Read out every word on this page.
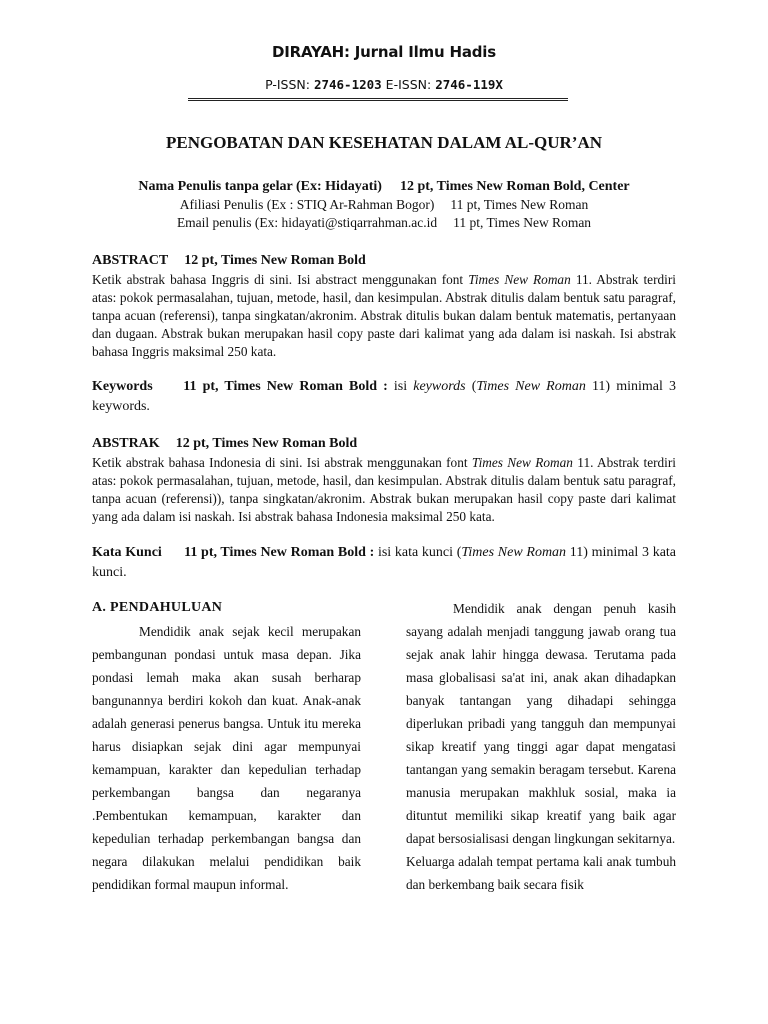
DIRAYAH: Jurnal Ilmu Hadis
P-ISSN: 2746-1203 E-ISSN: 2746-119X
PENGOBATAN DAN KESEHATAN DALAM AL-QUR’AN
Nama Penulis tanpa gelar (Ex: Hidayati) 12 pt, Times New Roman Bold, Center
Afiliasi Penulis (Ex : STIQ Ar-Rahman Bogor) 11 pt, Times New Roman
Email penulis (Ex: hidayati@stiqarrahman.ac.id 11 pt, Times New Roman
ABSTRACT 12 pt, Times New Roman Bold
Ketik abstrak bahasa Inggris di sini. Isi abstract menggunakan font Times New Roman 11. Abstrak terdiri atas: pokok permasalahan, tujuan, metode, hasil, dan kesimpulan. Abstrak ditulis dalam bentuk satu paragraf, tanpa acuan (referensi), tanpa singkatan/akronim. Abstrak ditulis bukan dalam bentuk matematis, pertanyaan dan dugaan. Abstrak bukan merupakan hasil copy paste dari kalimat yang ada dalam isi naskah. Isi abstrak bahasa Inggris maksimal 250 kata.
Keywords 11 pt, Times New Roman Bold : isi keywords (Times New Roman 11) minimal 3 keywords.
ABSTRAK 12 pt, Times New Roman Bold
Ketik abstrak bahasa Indonesia di sini. Isi abstrak menggunakan font Times New Roman 11. Abstrak terdiri atas: pokok permasalahan, tujuan, metode, hasil, dan kesimpulan. Abstrak ditulis dalam bentuk satu paragraf, tanpa acuan (referensi)), tanpa singkatan/akronim. Abstrak bukan merupakan hasil copy paste dari kalimat yang ada dalam isi naskah. Isi abstrak bahasa Indonesia maksimal 250 kata.
Kata Kunci 11 pt, Times New Roman Bold : isi kata kunci (Times New Roman 11) minimal 3 kata kunci.
A. PENDAHULUAN

Mendidik anak sejak kecil merupakan pembangunan pondasi untuk masa depan. Jika pondasi lemah maka akan susah berharap bangunannya berdiri kokoh dan kuat. Anak-anak adalah generasi penerus bangsa. Untuk itu mereka harus disiapkan sejak dini agar mempunyai kemampuan, karakter dan kepedulian terhadap perkembangan bangsa dan negaranya .Pembentukan kemampuan, karakter dan kepedulian terhadap perkembangan bangsa dan negara dilakukan melalui pendidikan baik pendidikan formal maupun informal.

Mendidik anak dengan penuh kasih sayang adalah menjadi tanggung jawab orang tua sejak anak lahir hingga dewasa. Terutama pada masa globalisasi sa'at ini, anak akan dihadapkan banyak tantangan yang dihadapi sehingga diperlukan pribadi yang tangguh dan mempunyai sikap kreatif yang tinggi agar dapat mengatasi tantangan yang semakin beragam tersebut. Karena manusia merupakan makhluk sosial, maka ia dituntut memiliki sikap kreatif yang baik agar dapat bersosialisasi dengan lingkungan sekitarnya.

Keluarga adalah tempat pertama kali anak tumbuh dan berkembang baik secara fisik
